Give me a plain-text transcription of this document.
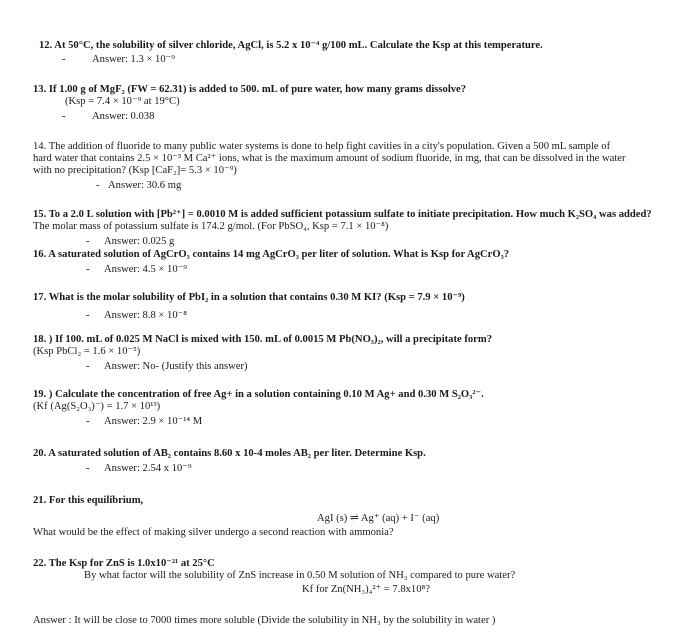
12. At 50°C, the solubility of silver chloride, AgCl, is 5.2 x 10⁻⁴ g/100 mL. Calculate the Ksp at this temperature.
- Answer: 1.3 × 10⁻⁹
13. If 1.00 g of MgF₂ (FW = 62.31) is added to 500. mL of pure water, how many grams dissolve?
(Ksp = 7.4 × 10⁻⁹ at 19°C)
- Answer: 0.038
14. The addition of fluoride to many public water systems is done to help fight cavities in a city's population. Given a 500 mL sample of
hard water that contains 2.5 × 10⁻³ M Ca²⁺ ions, what is the maximum amount of sodium fluoride, in mg, that can be dissolved in the water
with no precipitation? (Ksp [CaF₂]= 5.3 × 10⁻⁹)
- Answer: 30.6 mg
15. To a 2.0 L solution with [Pb²⁺] = 0.0010 M is added sufficient potassium sulfate to initiate precipitation. How much K₂SO₄ was added?
The molar mass of potassium sulfate is 174.2 g/mol. (For PbSO₄, Ksp = 7.1 × 10⁻⁸)
- Answer: 0.025 g
16. A saturated solution of AgCrO₃ contains 14 mg AgCrO₃ per liter of solution. What is Ksp for AgCrO₃?
- Answer: 4.5 × 10⁻⁹
17. What is the molar solubility of PbI₂ in a solution that contains 0.30 M KI? (Ksp = 7.9 × 10⁻⁹)
- Answer: 8.8 × 10⁻⁸
18. ) If 100. mL of 0.025 M NaCl is mixed with 150. mL of 0.0015 M Pb(NO₃)₂, will a precipitate form?
(Ksp PbCl₂ = 1.6 × 10⁻⁵)
- Answer: No- (Justify this answer)
19. ) Calculate the concentration of free Ag+ in a solution containing 0.10 M Ag+ and 0.30 M S₂O₃²⁻.
(Kf (Ag(S₂O₃)⁻) = 1.7 × 10¹³)
- Answer: 2.9 × 10⁻¹⁴ M
20. A saturated solution of AB₂ contains 8.60 x 10-4 moles AB₂ per liter. Determine Ksp.
- Answer: 2.54 x 10⁻⁹
21. For this equilibrium,
AgI (s) ⇌ Ag⁺ (aq) + I⁻ (aq)
What would be the effect of making silver undergo a second reaction with ammonia?
22. The Ksp for ZnS is 1.0x10⁻²¹ at 25°C
By what factor will the solubility of ZnS increase in 0.50 M solution of NH₃ compared to pure water?
Kf for Zn(NH₃)₄²⁺ = 7.8x10⁸?
Answer : It will be close to 7000 times more soluble (Divide the solubility in NH₃ by the solubility in water )
